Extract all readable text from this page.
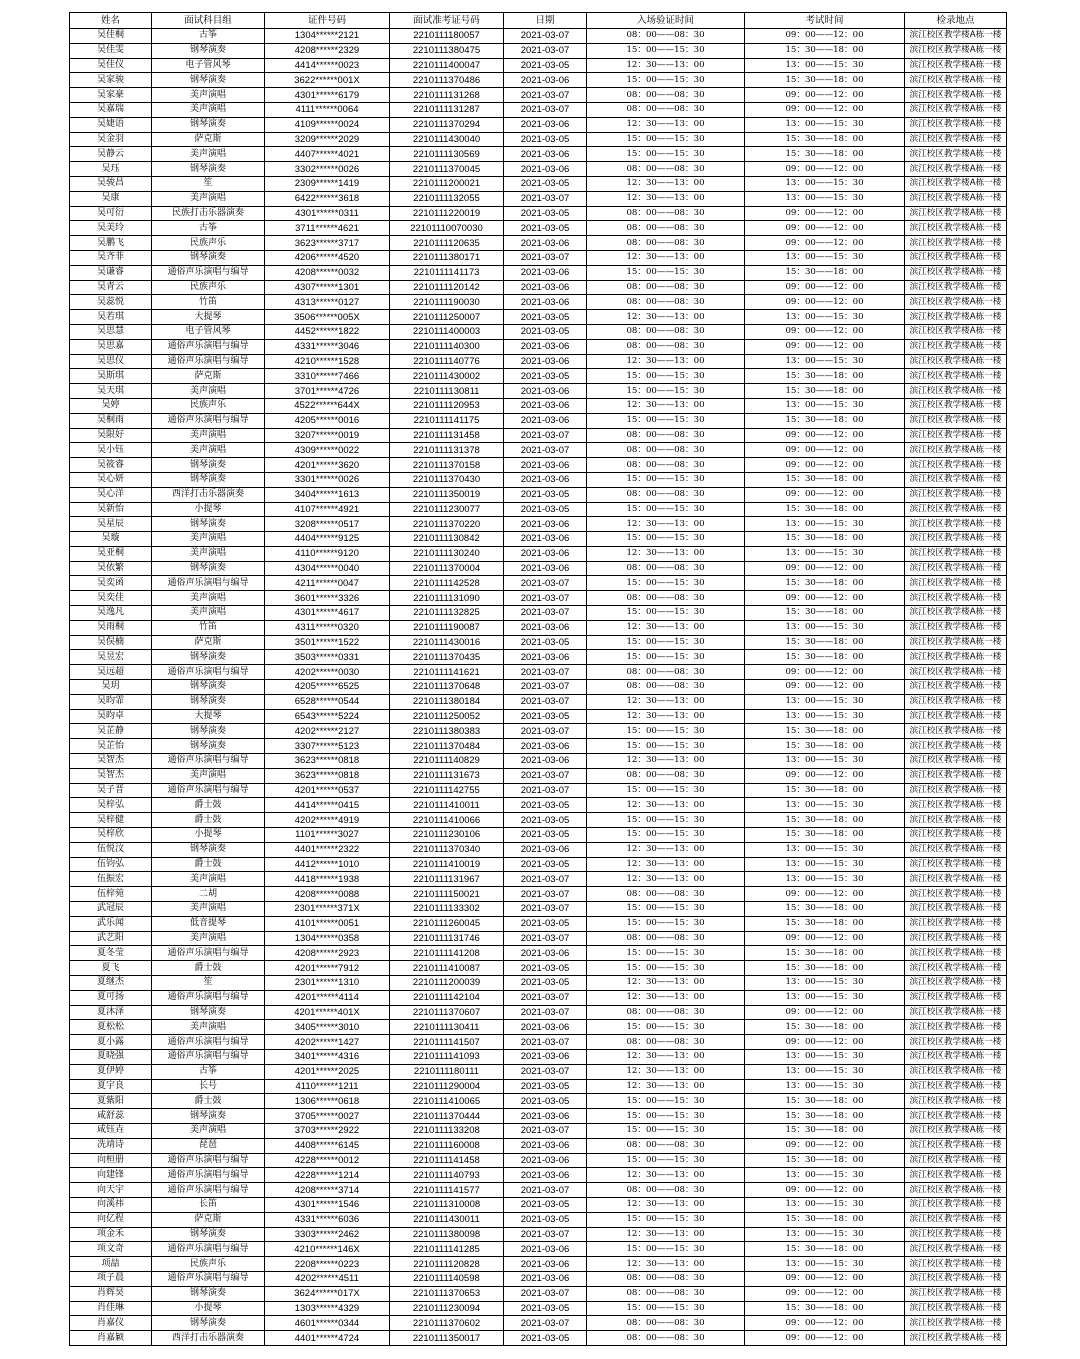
姓名	面试科目组	证件号码	面试准考证号码	日期	入场验证时间	考试时间	检录地点
吴佳桐	古筝	1304******2121	2210111180057	2021-03-07	08：00——08：30	09：00——12：00	滨江校区教学楼A栋一楼
吴佳雯	钢琴演奏	4208******2329	2210111380475	2021-03-07	15：00——15：30	15：30——18：00	滨江校区教学楼A栋一楼
吴佳仪	电子管风琴	4414******0023	2210111400047	2021-03-05	12：30——13：00	13：00——15：30	滨江校区教学楼A栋一楼
吴家骏	钢琴演奏	3622******001X	2210111370486	2021-03-06	15：00——15：30	15：30——18：00	滨江校区教学楼A栋一楼
吴家豪	美声演唱	4301******6179	2210111131268	2021-03-07	08：00——08：30	09：00——12：00	滨江校区教学楼A栋一楼
吴嘉瑞	美声演唱	4111******0064	2210111131287	2021-03-07	08：00——08：30	09：00——12：00	滨江校区教学楼A栋一楼
吴婕语	钢琴演奏	4109******0024	2210111370294	2021-03-06	12：30——13：00	13：00——15：30	滨江校区教学楼A栋一楼
吴金羽	萨克斯	3209******2029	2210111430040	2021-03-05	15：00——15：30	15：30——18：00	滨江校区教学楼A栋一楼
吴静云	美声演唱	4407******4021	2210111130569	2021-03-06	15：00——15：30	15：30——18：00	滨江校区教学楼A栋一楼
吴珏	钢琴演奏	3302******0026	2210111370045	2021-03-06	08：00——08：30	09：00——12：00	滨江校区教学楼A栋一楼
吴骏昌	笙	2309******1419	2210111200021	2021-03-05	12：30——13：00	13：00——15：30	滨江校区教学楼A栋一楼
吴康	美声演唱	6422******3618	2210111132055	2021-03-07	12：30——13：00	13：00——15：30	滨江校区教学楼A栋一楼
吴可衍	民族打击乐器演奏	4301******0311	2210111220019	2021-03-05	08：00——08：30	09：00——12：00	滨江校区教学楼A栋一楼
吴美玲	古筝	3711******4621	22101110070030	2021-03-05	08：00——08：30	09：00——12：00	滨江校区教学楼A栋一楼
吴鹏飞	民族声乐	3623******3717	2210111120635	2021-03-06	08：00——08：30	09：00——12：00	滨江校区教学楼A栋一楼
吴齐菲	钢琴演奏	4206******4520	2210111380171	2021-03-07	12：30——13：00	13：00——15：30	滨江校区教学楼A栋一楼
吴谦睿	通俗声乐演唱与编导	4208******0032	2210111141173	2021-03-06	15：00——15：30	15：30——18：00	滨江校区教学楼A栋一楼
吴青云	民族声乐	4307******1301	2210111120142	2021-03-06	08：00——08：30	09：00——12：00	滨江校区教学楼A栋一楼
吴蕊悦	竹笛	4313******0127	2210111190030	2021-03-06	08：00——08：30	09：00——12：00	滨江校区教学楼A栋一楼
吴若琪	大提琴	3506******005X	2210111250007	2021-03-05	12：30——13：00	13：00——15：30	滨江校区教学楼A栋一楼
吴思慧	电子管风琴	4452******1822	2210111400003	2021-03-05	08：00——08：30	09：00——12：00	滨江校区教学楼A栋一楼
吴思嘉	通俗声乐演唱与编导	4331******3046	2210111140300	2021-03-06	08：00——08：30	09：00——12：00	滨江校区教学楼A栋一楼
吴思仪	通俗声乐演唱与编导	4210******1528	2210111140776	2021-03-06	12：30——13：00	13：00——15：30	滨江校区教学楼A栋一楼
吴斯琪	萨克斯	3310******7466	2210111430002	2021-03-05	15：00——15：30	15：30——18：00	滨江校区教学楼A栋一楼
吴天琪	美声演唱	3701******4726	2210111130811	2021-03-06	15：00——15：30	15：30——18：00	滨江校区教学楼A栋一楼
吴婷	民族声乐	4522******644X	2210111120953	2021-03-06	12：30——13：00	13：00——15：30	滨江校区教学楼A栋一楼
吴桐雨	通俗声乐演唱与编导	4205******0016	2210111141175	2021-03-06	15：00——15：30	15：30——18：00	滨江校区教学楼A栋一楼
吴限好	美声演唱	3207******0019	2210111131458	2021-03-07	08：00——08：30	09：00——12：00	滨江校区教学楼A栋一楼
吴小钰	美声演唱	4309******0022	2210111131378	2021-03-07	08：00——08：30	09：00——12：00	滨江校区教学楼A栋一楼
吴筱睿	钢琴演奏	4201******3620	2210111370158	2021-03-06	08：00——08：30	09：00——12：00	滨江校区教学楼A栋一楼
吴心妍	钢琴演奏	3301******0026	2210111370430	2021-03-06	15：00——15：30	15：30——18：00	滨江校区教学楼A栋一楼
吴心洋	西洋打击乐器演奏	3404******1613	2210111350019	2021-03-05	08：00——08：30	09：00——12：00	滨江校区教学楼A栋一楼
吴新怡	小提琴	4107******4921	2210111230077	2021-03-05	15：00——15：30	15：30——18：00	滨江校区教学楼A栋一楼
吴星辰	钢琴演奏	3208******0517	2210111370220	2021-03-06	12：30——13：00	13：00——15：30	滨江校区教学楼A栋一楼
吴璇	美声演唱	4404******9125	2210111130842	2021-03-06	15：00——15：30	15：30——18：00	滨江校区教学楼A栋一楼
吴亚桐	美声演唱	4110******9120	2210111130240	2021-03-06	12：30——13：00	13：00——15：30	滨江校区教学楼A栋一楼
吴依繁	钢琴演奏	4304******0040	2210111370004	2021-03-06	08：00——08：30	09：00——12：00	滨江校区教学楼A栋一楼
吴奕函	通俗声乐演唱与编导	4211******0047	2210111142528	2021-03-07	15：00——15：30	15：30——18：00	滨江校区教学楼A栋一楼
吴奕佳	美声演唱	3601******3326	2210111131090	2021-03-07	08：00——08：30	09：00——12：00	滨江校区教学楼A栋一楼
吴逸凡	美声演唱	4301******4617	2210111132825	2021-03-07	15：00——15：30	15：30——18：00	滨江校区教学楼A栋一楼
吴雨桐	竹笛	4311******0320	2210111190087	2021-03-06	12：30——13：00	13：00——15：30	滨江校区教学楼A栋一楼
吴俣楠	萨克斯	3501******1522	2210111430016	2021-03-05	15：00——15：30	15：30——18：00	滨江校区教学楼A栋一楼
吴昱宏	钢琴演奏	3503******0331	2210111370435	2021-03-06	15：00——15：30	15：30——18：00	滨江校区教学楼A栋一楼
吴远超	通俗声乐演唱与编导	4202******0030	2210111141621	2021-03-07	08：00——08：30	09：00——12：00	滨江校区教学楼A栋一楼
吴玥	钢琴演奏	4205******6525	2210111370648	2021-03-07	08：00——08：30	09：00——12：00	滨江校区教学楼A栋一楼
吴昀霏	钢琴演奏	6528******0544	2210111380184	2021-03-07	12：30——13：00	13：00——15：30	滨江校区教学楼A栋一楼
吴昀卓	大提琴	6543******5224	2210111250052	2021-03-05	12：30——13：00	13：00——15：30	滨江校区教学楼A栋一楼
吴芷静	钢琴演奏	4202******2127	2210111380383	2021-03-07	15：00——15：30	15：30——18：00	滨江校区教学楼A栋一楼
吴芷怡	钢琴演奏	3307******5123	2210111370484	2021-03-06	15：00——15：30	15：30——18：00	滨江校区教学楼A栋一楼
吴智杰	通俗声乐演唱与编导	3623******0818	2210111140829	2021-03-06	12：30——13：00	13：00——15：30	滨江校区教学楼A栋一楼
吴智杰	美声演唱	3623******0818	2210111131673	2021-03-07	08：00——08：30	09：00——12：00	滨江校区教学楼A栋一楼
吴子晋	通俗声乐演唱与编导	4201******0537	2210111142755	2021-03-07	15：00——15：30	15：30——18：00	滨江校区教学楼A栋一楼
吴梓弘	爵士鼓	4414******0415	2210111410011	2021-03-05	12：30——13：00	13：00——15：30	滨江校区教学楼A栋一楼
吴梓健	爵士鼓	4202******4919	2210111410066	2021-03-05	15：00——15：30	15：30——18：00	滨江校区教学楼A栋一楼
吴梓欣	小提琴	1101******3027	2210111230106	2021-03-05	15：00——15：30	15：30——18：00	滨江校区教学楼A栋一楼
伍悦汶	钢琴演奏	4401******2322	2210111370340	2021-03-06	12：30——13：00	13：00——15：30	滨江校区教学楼A栋一楼
伍钧弘	爵士鼓	4412******1010	2210111410019	2021-03-05	12：30——13：00	13：00——15：30	滨江校区教学楼A栋一楼
伍振宏	美声演唱	4418******1938	2210111131967	2021-03-07	12：30——13：00	13：00——15：30	滨江校区教学楼A栋一楼
伍梓菀	二胡	4208******0088	2210111150021	2021-03-07	08：00——08：30	09：00——12：00	滨江校区教学楼A栋一楼
武冠辰	美声演唱	2301******371X	2210111133302	2021-03-07	15：00——15：30	15：30——18：00	滨江校区教学楼A栋一楼
武乐闻	低音提琴	4101******0051	2210111260045	2021-03-05	15：00——15：30	15：30——18：00	滨江校区教学楼A栋一楼
武艺阳	美声演唱	1304******0358	2210111131746	2021-03-07	08：00——08：30	09：00——12：00	滨江校区教学楼A栋一楼
夏冬莹	通俗声乐演唱与编导	4208******2923	2210111141208	2021-03-06	15：00——15：30	15：30——18：00	滨江校区教学楼A栋一楼
夏飞	爵士鼓	4201******7912	2210111410087	2021-03-05	15：00——15：30	15：30——18：00	滨江校区教学楼A栋一楼
夏继杰	笙	2301******1310	2210111200039	2021-03-05	12：30——13：00	13：00——15：30	滨江校区教学楼A栋一楼
夏可扬	通俗声乐演唱与编导	4201******4114	2210111142104	2021-03-07	12：30——13：00	13：00——15：30	滨江校区教学楼A栋一楼
夏沐泽	钢琴演奏	4201******401X	2210111370607	2021-03-07	08：00——08：30	09：00——12：00	滨江校区教学楼A栋一楼
夏松松	美声演唱	3405******3010	2210111130411	2021-03-06	15：00——15：30	15：30——18：00	滨江校区教学楼A栋一楼
夏小露	通俗声乐演唱与编导	4202******1427	2210111141507	2021-03-07	08：00——08：30	09：00——12：00	滨江校区教学楼A栋一楼
夏晓强	通俗声乐演唱与编导	3401******4316	2210111141093	2021-03-06	12：30——13：00	13：00——15：30	滨江校区教学楼A栋一楼
夏伊婷	古筝	4201******2025	2210111180111	2021-03-07	12：30——13：00	13：00——15：30	滨江校区教学楼A栋一楼
夏宇良	长号	4110******1211	2210111290004	2021-03-05	12：30——13：00	13：00——15：30	滨江校区教学楼A栋一楼
夏紫阳	爵士鼓	1306******0618	2210111410065	2021-03-05	15：00——15：30	15：30——18：00	滨江校区教学楼A栋一楼
咸舒蕊	钢琴演奏	3705******0027	2210111370444	2021-03-06	15：00——15：30	15：30——18：00	滨江校区教学楼A栋一楼
咸钰垚	美声演唱	3703******2922	2210111133208	2021-03-07	15：00——15：30	15：30——18：00	滨江校区教学楼A栋一楼
冼靖诗	琵琶	4408******6145	2210111160008	2021-03-06	08：00——08：30	09：00——12：00	滨江校区教学楼A栋一楼
向桓册	通俗声乐演唱与编导	4228******0012	2210111141458	2021-03-06	15：00——15：30	15：30——18：00	滨江校区教学楼A栋一楼
向建锋	通俗声乐演唱与编导	4228******1214	2210111140793	2021-03-06	12：30——13：00	13：00——15：30	滨江校区教学楼A栋一楼
向天宇	通俗声乐演唱与编导	4208******3714	2210111141577	2021-03-07	08：00——08：30	09：00——12：00	滨江校区教学楼A栋一楼
向溪祎	长笛	4301******1546	2210111310008	2021-03-05	12：30——13：00	13：00——15：30	滨江校区教学楼A栋一楼
向亿程	萨克斯	4331******6036	2210111430011	2021-03-05	15：00——15：30	15：30——18：00	滨江校区教学楼A栋一楼
项金禾	钢琴演奏	3303******2462	2210111380098	2021-03-07	12：30——13：00	13：00——15：30	滨江校区教学楼A栋一楼
项文奇	通俗声乐演唱与编导	4210******146X	2210111141285	2021-03-06	15：00——15：30	15：30——18：00	滨江校区教学楼A栋一楼
项喆	民族声乐	2208******0223	2210111120828	2021-03-06	12：30——13：00	13：00——15：30	滨江校区教学楼A栋一楼
项子晨	通俗声乐演唱与编导	4202******4511	2210111140598	2021-03-06	08：00——08：30	09：00——12：00	滨江校区教学楼A栋一楼
肖辉昊	钢琴演奏	3624******017X	2210111370653	2021-03-07	08：00——08：30	09：00——12：00	滨江校区教学楼A栋一楼
肖佳琳	小提琴	1303******4329	2210111230094	2021-03-05	15：00——15：30	15：30——18：00	滨江校区教学楼A栋一楼
肖嘉仪	钢琴演奏	4601******0344	2210111370602	2021-03-07	08：00——08：30	09：00——12：00	滨江校区教学楼A栋一楼
肖嘉颖	西洋打击乐器演奏	4401******4724	2210111350017	2021-03-05	08：00——08：30	09：00——12：00	滨江校区教学楼A栋一楼
